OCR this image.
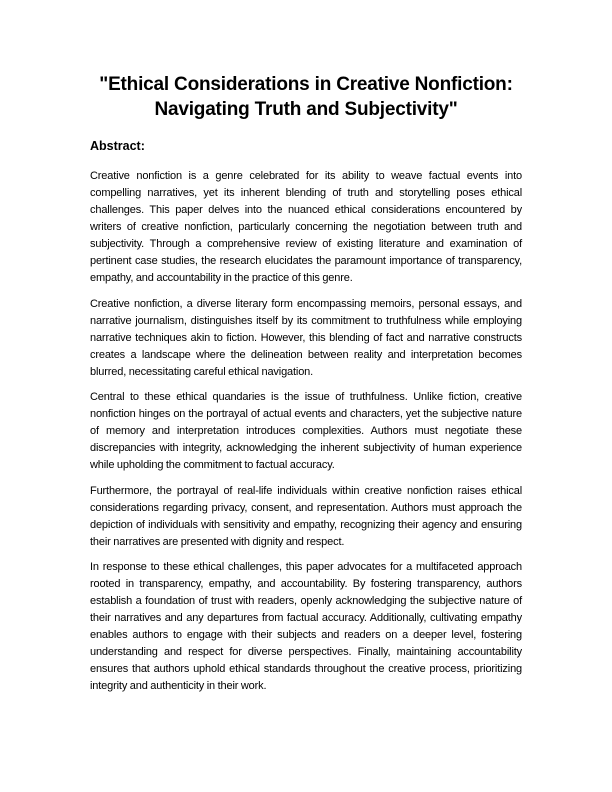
"Ethical Considerations in Creative Nonfiction:
Navigating Truth and Subjectivity"
Abstract:

Creative nonfiction is a genre celebrated for its ability to weave factual events into compelling narratives, yet its inherent blending of truth and storytelling poses ethical challenges. This paper delves into the nuanced ethical considerations encountered by writers of creative nonfiction, particularly concerning the negotiation between truth and subjectivity. Through a comprehensive review of existing literature and examination of pertinent case studies, the research elucidates the paramount importance of transparency, empathy, and accountability in the practice of this genre.

Creative nonfiction, a diverse literary form encompassing memoirs, personal essays, and narrative journalism, distinguishes itself by its commitment to truthfulness while employing narrative techniques akin to fiction. However, this blending of fact and narrative constructs creates a landscape where the delineation between reality and interpretation becomes blurred, necessitating careful ethical navigation.

Central to these ethical quandaries is the issue of truthfulness. Unlike fiction, creative nonfiction hinges on the portrayal of actual events and characters, yet the subjective nature of memory and interpretation introduces complexities. Authors must negotiate these discrepancies with integrity, acknowledging the inherent subjectivity of human experience while upholding the commitment to factual accuracy.

Furthermore, the portrayal of real-life individuals within creative nonfiction raises ethical considerations regarding privacy, consent, and representation. Authors must approach the depiction of individuals with sensitivity and empathy, recognizing their agency and ensuring their narratives are presented with dignity and respect.

In response to these ethical challenges, this paper advocates for a multifaceted approach rooted in transparency, empathy, and accountability. By fostering transparency, authors establish a foundation of trust with readers, openly acknowledging the subjective nature of their narratives and any departures from factual accuracy. Additionally, cultivating empathy enables authors to engage with their subjects and readers on a deeper level, fostering understanding and respect for diverse perspectives. Finally, maintaining accountability ensures that authors uphold ethical standards throughout the creative process, prioritizing integrity and authenticity in their work.
